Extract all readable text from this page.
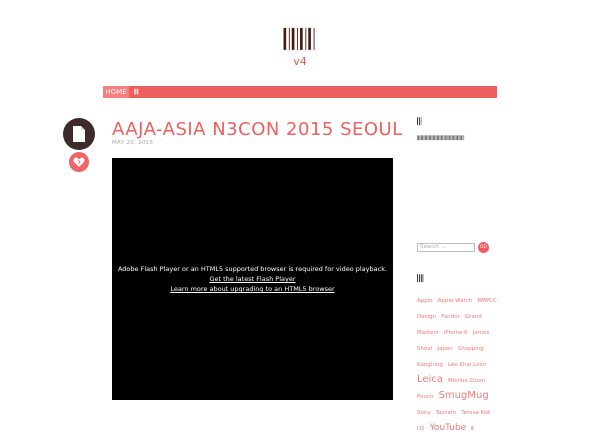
𝄃𝄃𝄃𝄃
v4
HOME	𝄃𝄃𝄃
AAJA-ASIA N3CON 2015 SEOUL
MAY 20, 2015
Adobe Flash Player or an HTML5 supported browser is required for video playback.
Get the latest Flash Player
Learn more about upgrading to an HTML5 browser
𝄃𝄃
𝄃𝄃𝄃𝄃𝄃𝄃𝄃𝄃𝄃𝄃𝄃𝄃𝄃𝄃𝄃𝄃𝄃𝄃𝄃𝄃𝄃𝄃𝄃𝄃𝄃𝄃𝄃𝄃𝄃𝄃𝄃𝄃𝄃𝄃𝄃
Search ...	GO
𝄃𝄃𝄃
Apple Apple Watch BMPCC
Design Fandor Grand
Masters iPhone 6 James
Shoal Japan Shopping
Kanglung Lee Khai Loon
Leica Minilux Zoom
Pouch SmugMug
Sony Tascam Teresa Kok
U2 YouTube 𝄃𝄃
